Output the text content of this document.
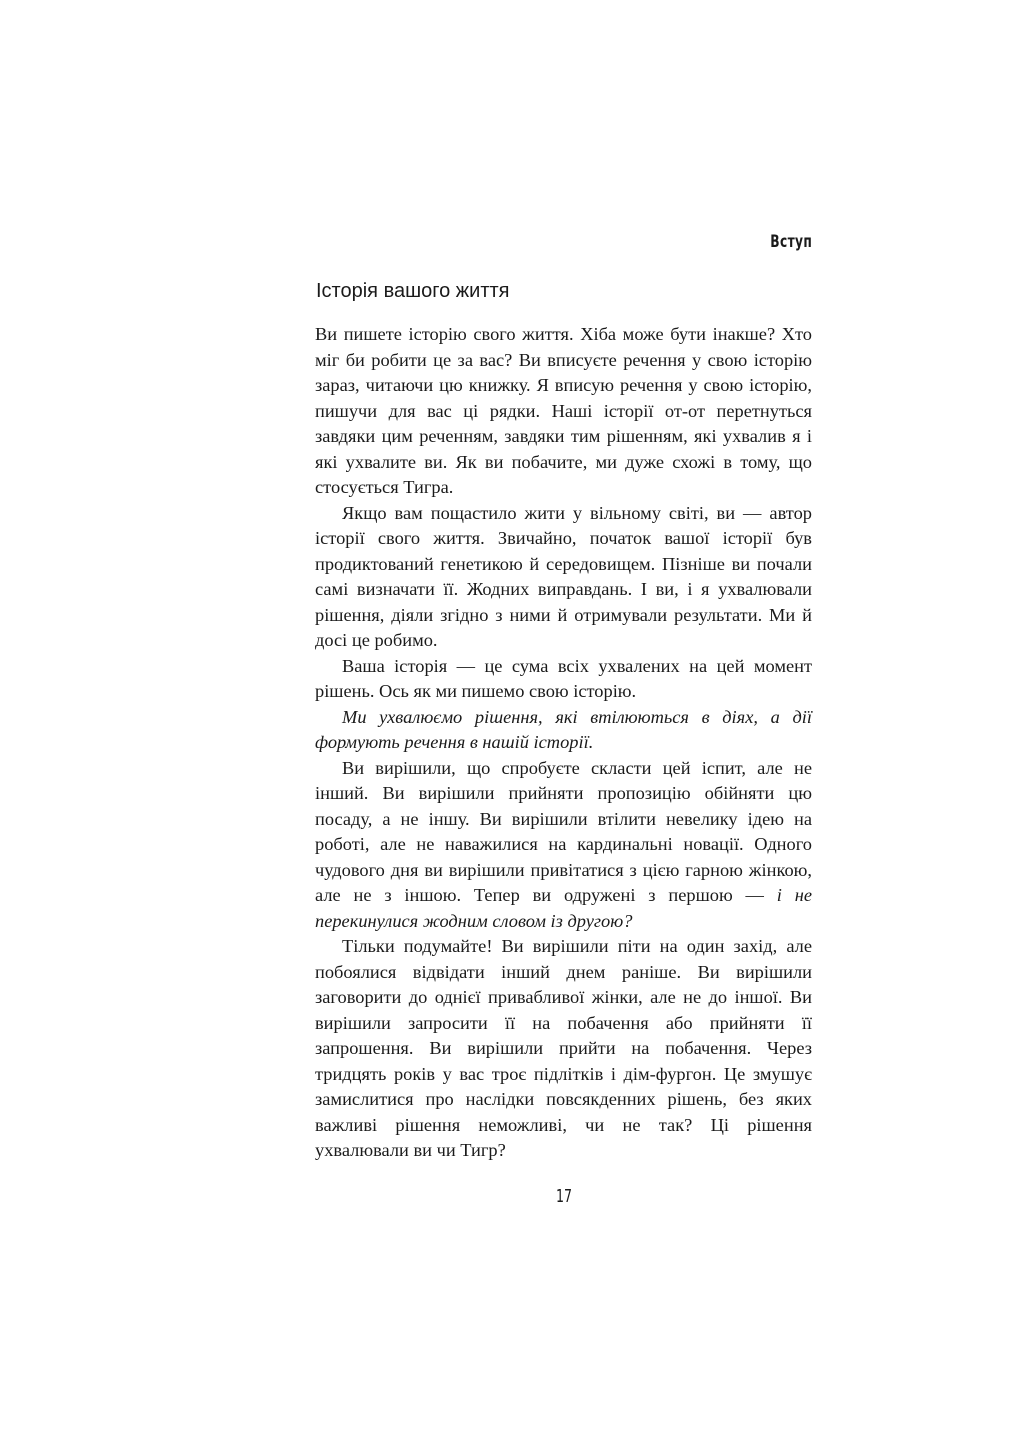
Вступ
Історія вашого життя

Ви пишете історію свого життя. Хіба може бути інакше? Хто міг би робити це за вас? Ви вписуєте речення у свою історію зараз, читаючи цю книжку. Я вписую речення у свою історію, пишучи для вас ці рядки. Наші історії от-от перетнуться завдяки цим реченням, завдяки тим рішенням, які ухвалив я і які ухвалите ви. Як ви побачите, ми дуже схожі в тому, що стосується Тигра.

Якщо вам пощастило жити у вільному світі, ви — автор історії свого життя. Звичайно, початок вашої історії був продиктований генетикою й середовищем. Пізніше ви почали самі визначати її. Жодних виправдань. І ви, і я ухвалювали рішення, діяли згідно з ними й отримували результати. Ми й досі це робимо.

Ваша історія — це сума всіх ухвалених на цей момент рішень. Ось як ми пишемо свою історію.

Ми ухвалюємо рішення, які втілюються в діях, а дії формують речення в нашій історії.

Ви вирішили, що спробуєте скласти цей іспит, але не інший. Ви вирішили прийняти пропозицію обійняти цю посаду, а не іншу. Ви вирішили втілити невелику ідею на роботі, але не наважилися на кардинальні новації. Одного чудового дня ви вирішили привітатися з цією гарною жінкою, але не з іншою. Тепер ви одружені з першою — і не перекинулися жодним словом із другою?

Тільки подумайте! Ви вирішили піти на один захід, але побоялися відвідати інший днем раніше. Ви вирішили заговорити до однієї привабливої жінки, але не до іншої. Ви вирішили запросити її на побачення або прийняти її запрошення. Ви вирішили прийти на побачення. Через тридцять років у вас троє підлітків і дім-фургон. Це змушує замислитися про наслідки повсякденних рішень, без яких важливі рішення неможливі, чи не так? Ці рішення ухвалювали ви чи Тигр?

17
